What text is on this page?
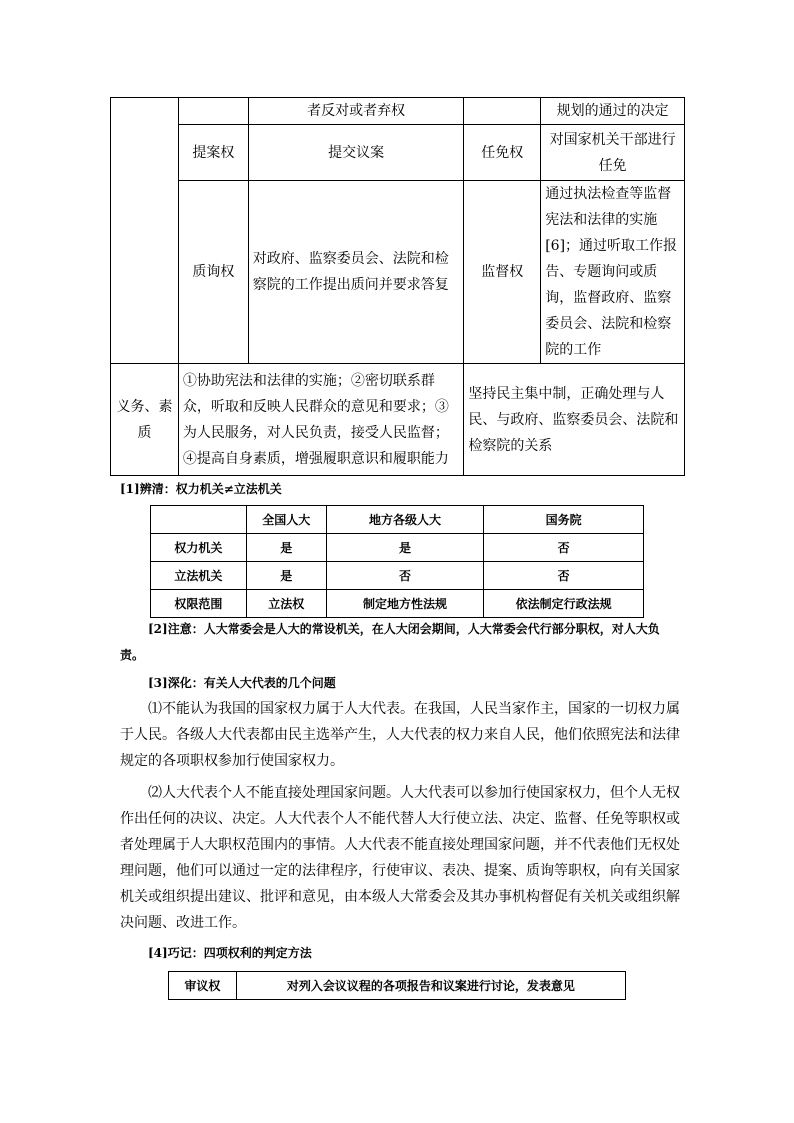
		者反对或者弃权		规划的通过的决定
	提案权	提交议案	任免权	对国家机关干部进行任免
	质询权	对政府、监察委员会、法院和检察院的工作提出质问并要求答复	监督权	通过执法检查等监督宪法和法律的实施[6]；通过听取工作报告、专题询问或质询，监督政府、监察委员会、法院和检察院的工作
义务、素质	①协助宪法和法律的实施；②密切联系群众，听取和反映人民群众的意见和要求；③为人民服务，对人民负责，接受人民监督；④提高自身素质，增强履职意识和履职能力		坚持民主集中制，正确处理与人民、与政府、监察委员会、法院和检察院的关系	
[1]辨清：权力机关≠立法机关
	全国人大	地方各级人大	国务院
权力机关	是	是	否
立法机关	是	否	否
权限范围	立法权	制定地方性法规	依法制定行政法规
[2]注意：人大常委会是人大的常设机关，在人大闭会期间，人大常委会代行部分职权，对人大负责。
[3]深化：有关人大代表的几个问题
⑴不能认为我国的国家权力属于人大代表。在我国，人民当家作主，国家的一切权力属于人民。各级人大代表都由民主选举产生，人大代表的权力来自人民，他们依照宪法和法律规定的各项职权参加行使国家权力。
⑵人大代表个人不能直接处理国家问题。人大代表可以参加行使国家权力，但个人无权作出任何的决议、决定。人大代表个人不能代替人大行使立法、决定、监督、任免等职权或者处理属于人大职权范围内的事情。人大代表不能直接处理国家问题，并不代表他们无权处理问题，他们可以通过一定的法律程序，行使审议、表决、提案、质询等职权，向有关国家机关或组织提出建议、批评和意见，由本级人大常委会及其办事机构督促有关机关或组织解决问题、改进工作。
[4]巧记：四项权利的判定方法
审议权	对列入会议议程的各项报告和议案进行讨论，发表意见
